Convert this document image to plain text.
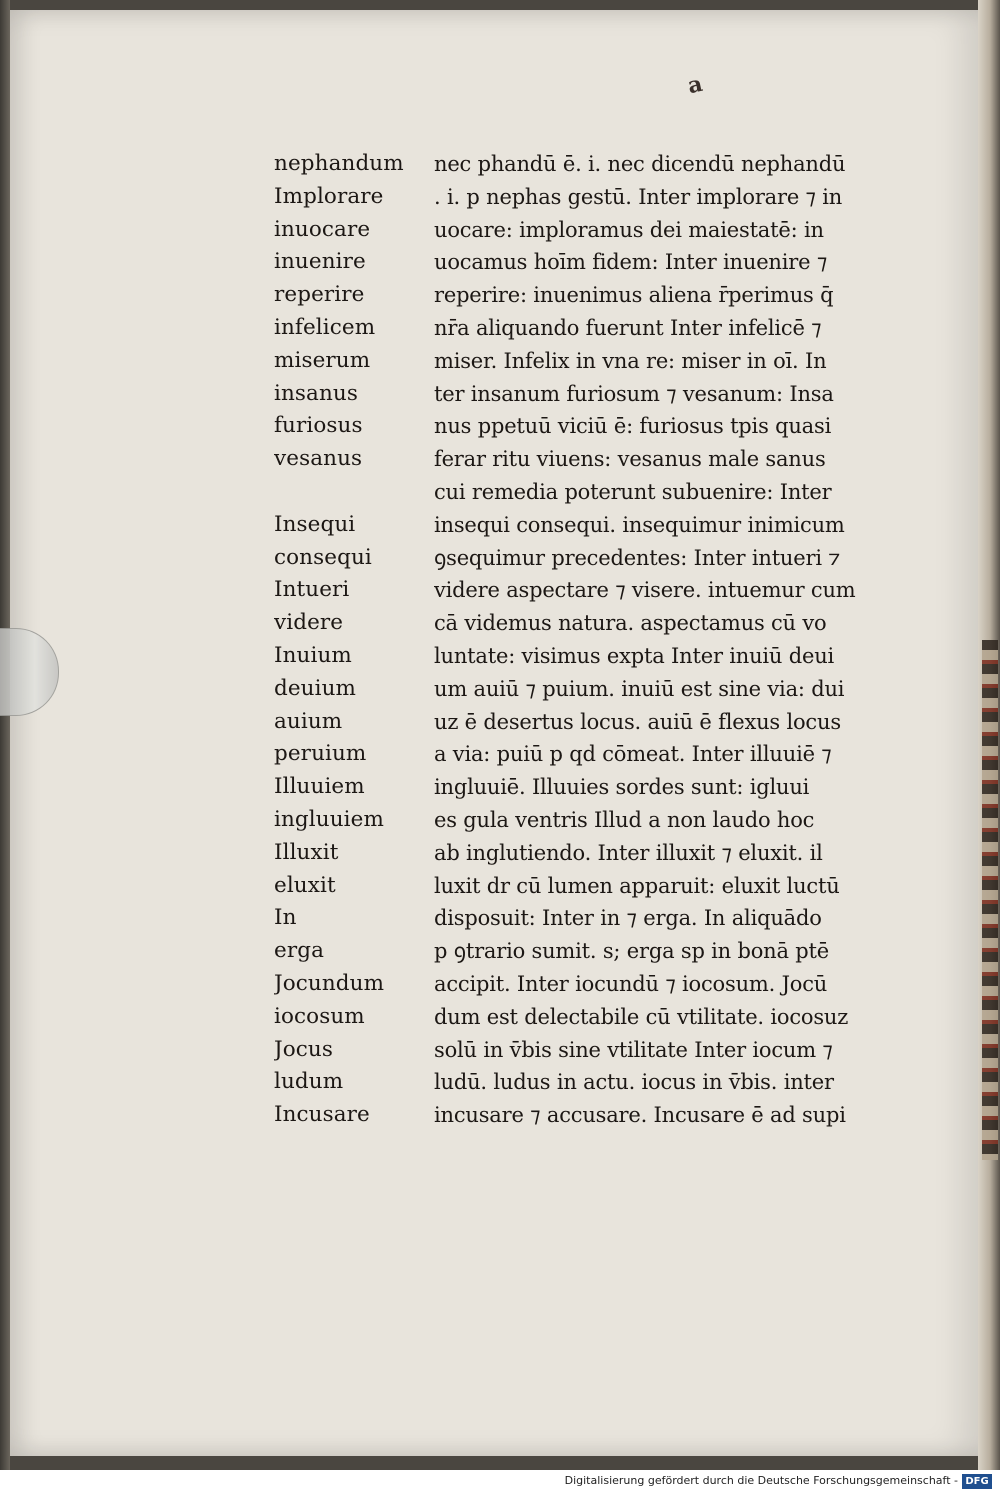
a
nephandum
Implorare
inuocare
inuenire
reperire
infelicem
miserum
insanus
furiosus
vesanus
Insequi
consequi
Intueri
videre
Inuium
deuium
auium
peruium
Illuuiem
ingluuiem
Illuxit
eluxit
In
erga
Jocundum
iocosum
Jocus
ludum
Incusare
nec phandū ē. i. nec dicendū nephandū
. i. p nephas gestū. Inter implorare ⁊ in
uocare: imploramus dei maiestatē: in
uocamus hoīm fidem: Inter inuenire ⁊
reperire: inuenimus aliena r̄perimus q̄
nr̄a aliquando fuerunt Inter infelicē ⁊
miser. Infelix in vna re: miser in oī. In
ter insanum furiosum ⁊ vesanum: Insa
nus ppetuū viciū ē: furiosus tpis quasi
ferar ritu viuens: vesanus male sanus
cui remedia poterunt subuenire: Inter
insequi consequi. insequimur inimicum
ꝯsequimur precedentes: Inter intueri ⁊
videre aspectare ⁊ visere. intuemur cum
cā videmus natura. aspectamus cū vo
luntate: visimus expta Inter inuiū deui
um auiū ⁊ puium. inuiū est sine via: dui
uz ē desertus locus. auiū ē flexus locus
a via: puiū p qd cōmeat. Inter illuuiē ⁊
ingluuiē. Illuuies sordes sunt: igluui
es gula ventris Illud a non laudo hoc
ab inglutiendo. Inter illuxit ⁊ eluxit. il
luxit dr cū lumen apparuit: eluxit luctū
disposuit: Inter in ⁊ erga. In aliquādo
p ꝯtrario sumit. s; erga sp in bonā ptē
accipit. Inter iocundū ⁊ iocosum. Jocū
dum est delectabile cū vtilitate. iocosuz
solū in v̄bis sine vtilitate Inter iocum ⁊
ludū. ludus in actu. iocus in v̄bis. inter
incusare ⁊ accusare. Incusare ē ad supi
Digitalisierung gefördert durch die Deutsche Forschungsgemeinschaft - DFG
